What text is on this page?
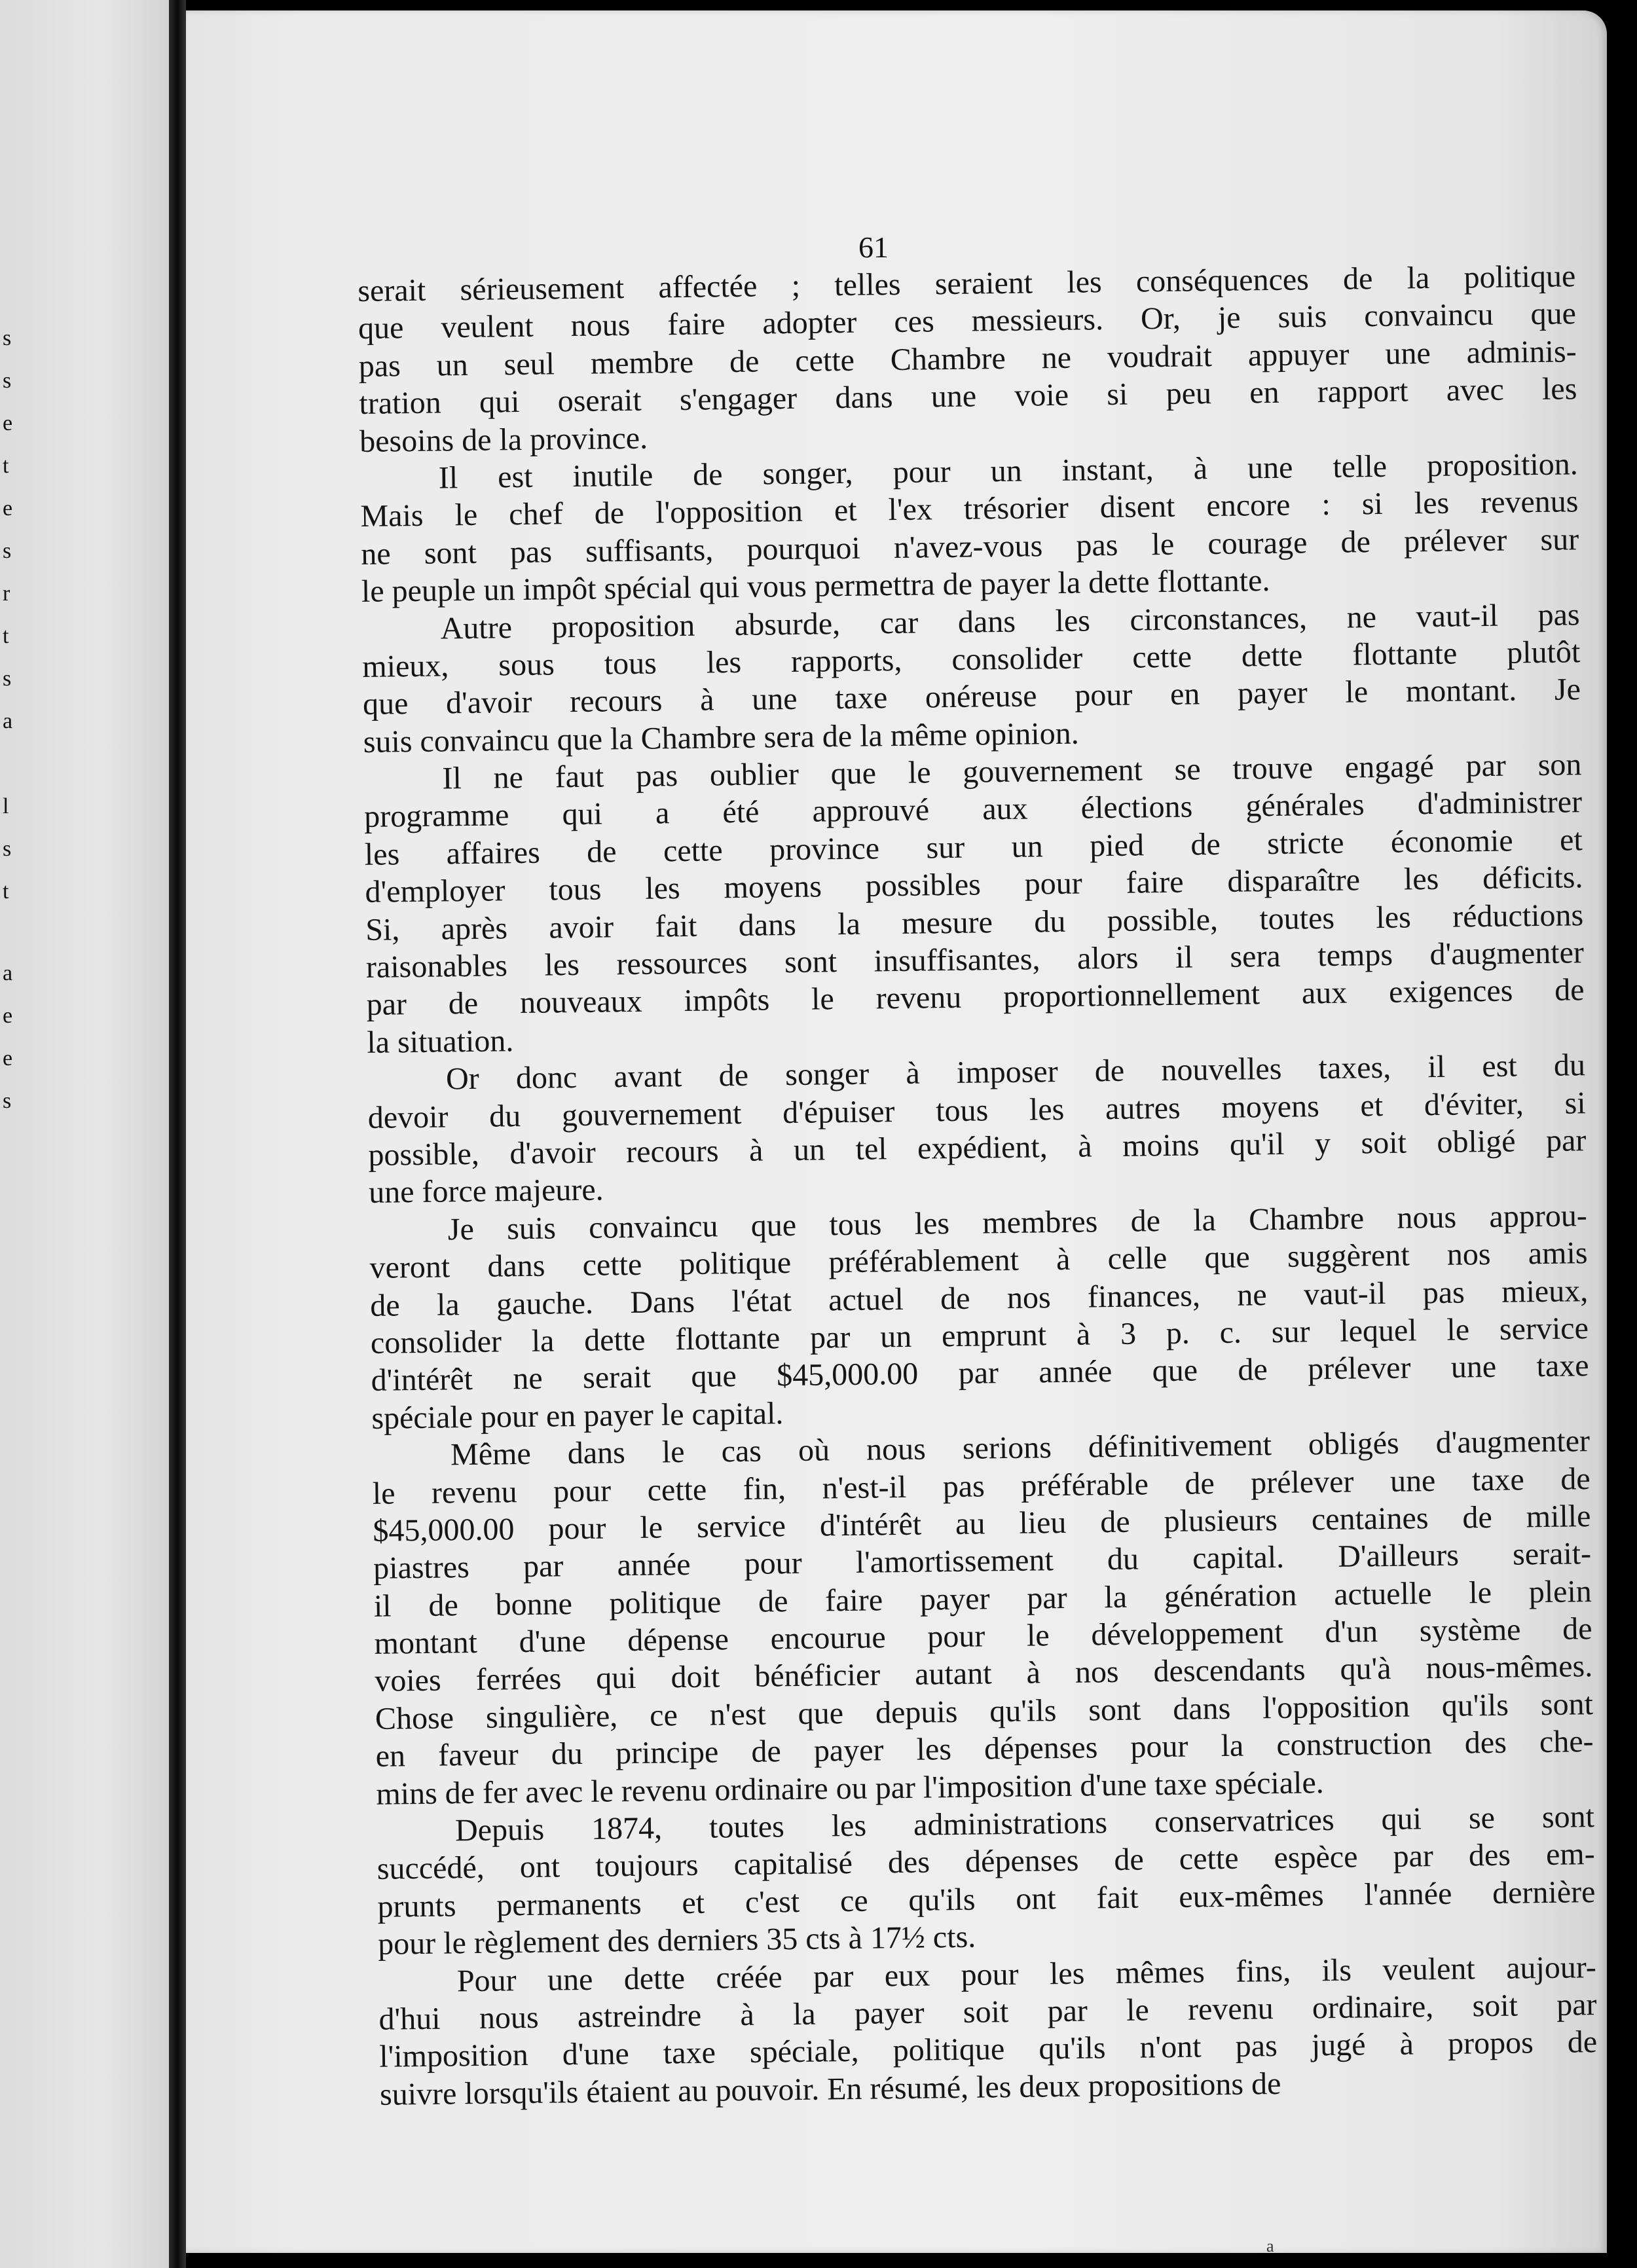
s
s
e
t
e
s
r
t
s
a
l
s
t
a
e
e
s
61
serait sérieusement affectée ; telles seraient les conséquences de la politique
que veulent nous faire adopter ces messieurs. Or, je suis convaincu que
pas un seul membre de cette Chambre ne voudrait appuyer une adminis-
tration qui oserait s'engager dans une voie si peu en rapport avec les
besoins de la province.
Il est inutile de songer, pour un instant, à une telle proposition.
Mais le chef de l'opposition et l'ex trésorier disent encore : si les revenus
ne sont pas suffisants, pourquoi n'avez-vous pas le courage de prélever sur
le peuple un impôt spécial qui vous permettra de payer la dette flottante.
Autre proposition absurde, car dans les circonstances, ne vaut-il pas
mieux, sous tous les rapports, consolider cette dette flottante plutôt
que d'avoir recours à une taxe onéreuse pour en payer le montant. Je
suis convaincu que la Chambre sera de la même opinion.
Il ne faut pas oublier que le gouvernement se trouve engagé par son
programme qui a été approuvé aux élections générales d'administrer
les affaires de cette province sur un pied de stricte économie et
d'employer tous les moyens possibles pour faire disparaître les déficits.
Si, après avoir fait dans la mesure du possible, toutes les réductions
raisonables les ressources sont insuffisantes, alors il sera temps d'augmenter
par de nouveaux impôts le revenu proportionnellement aux exigences de
la situation.
Or donc avant de songer à imposer de nouvelles taxes, il est du
devoir du gouvernement d'épuiser tous les autres moyens et d'éviter, si
possible, d'avoir recours à un tel expédient, à moins qu'il y soit obligé par
une force majeure.
Je suis convaincu que tous les membres de la Chambre nous approu-
veront dans cette politique préférablement à celle que suggèrent nos amis
de la gauche. Dans l'état actuel de nos finances, ne vaut-il pas mieux,
consolider la dette flottante par un emprunt à 3 p. c. sur lequel le service
d'intérêt ne serait que $45,000.00 par année que de prélever une taxe
spéciale pour en payer le capital.
Même dans le cas où nous serions définitivement obligés d'augmenter
le revenu pour cette fin, n'est-il pas préférable de prélever une taxe de
$45,000.00 pour le service d'intérêt au lieu de plusieurs centaines de mille
piastres par année pour l'amortissement du capital. D'ailleurs serait-
il de bonne politique de faire payer par la génération actuelle le plein
montant d'une dépense encourue pour le développement d'un système de
voies ferrées qui doit bénéficier autant à nos descendants qu'à nous-mêmes.
Chose singulière, ce n'est que depuis qu'ils sont dans l'opposition qu'ils sont
en faveur du principe de payer les dépenses pour la construction des che-
mins de fer avec le revenu ordinaire ou par l'imposition d'une taxe spéciale.
Depuis 1874, toutes les administrations conservatrices qui se sont
succédé, ont toujours capitalisé des dépenses de cette espèce par des em-
prunts permanents et c'est ce qu'ils ont fait eux-mêmes l'année dernière
pour le règlement des derniers 35 cts à 17½ cts.
Pour une dette créée par eux pour les mêmes fins, ils veulent aujour-
d'hui nous astreindre à la payer soit par le revenu ordinaire, soit par
l'imposition d'une taxe spéciale, politique qu'ils n'ont pas jugé à propos de
suivre lorsqu'ils étaient au pouvoir. En résumé, les deux propositions de
a
